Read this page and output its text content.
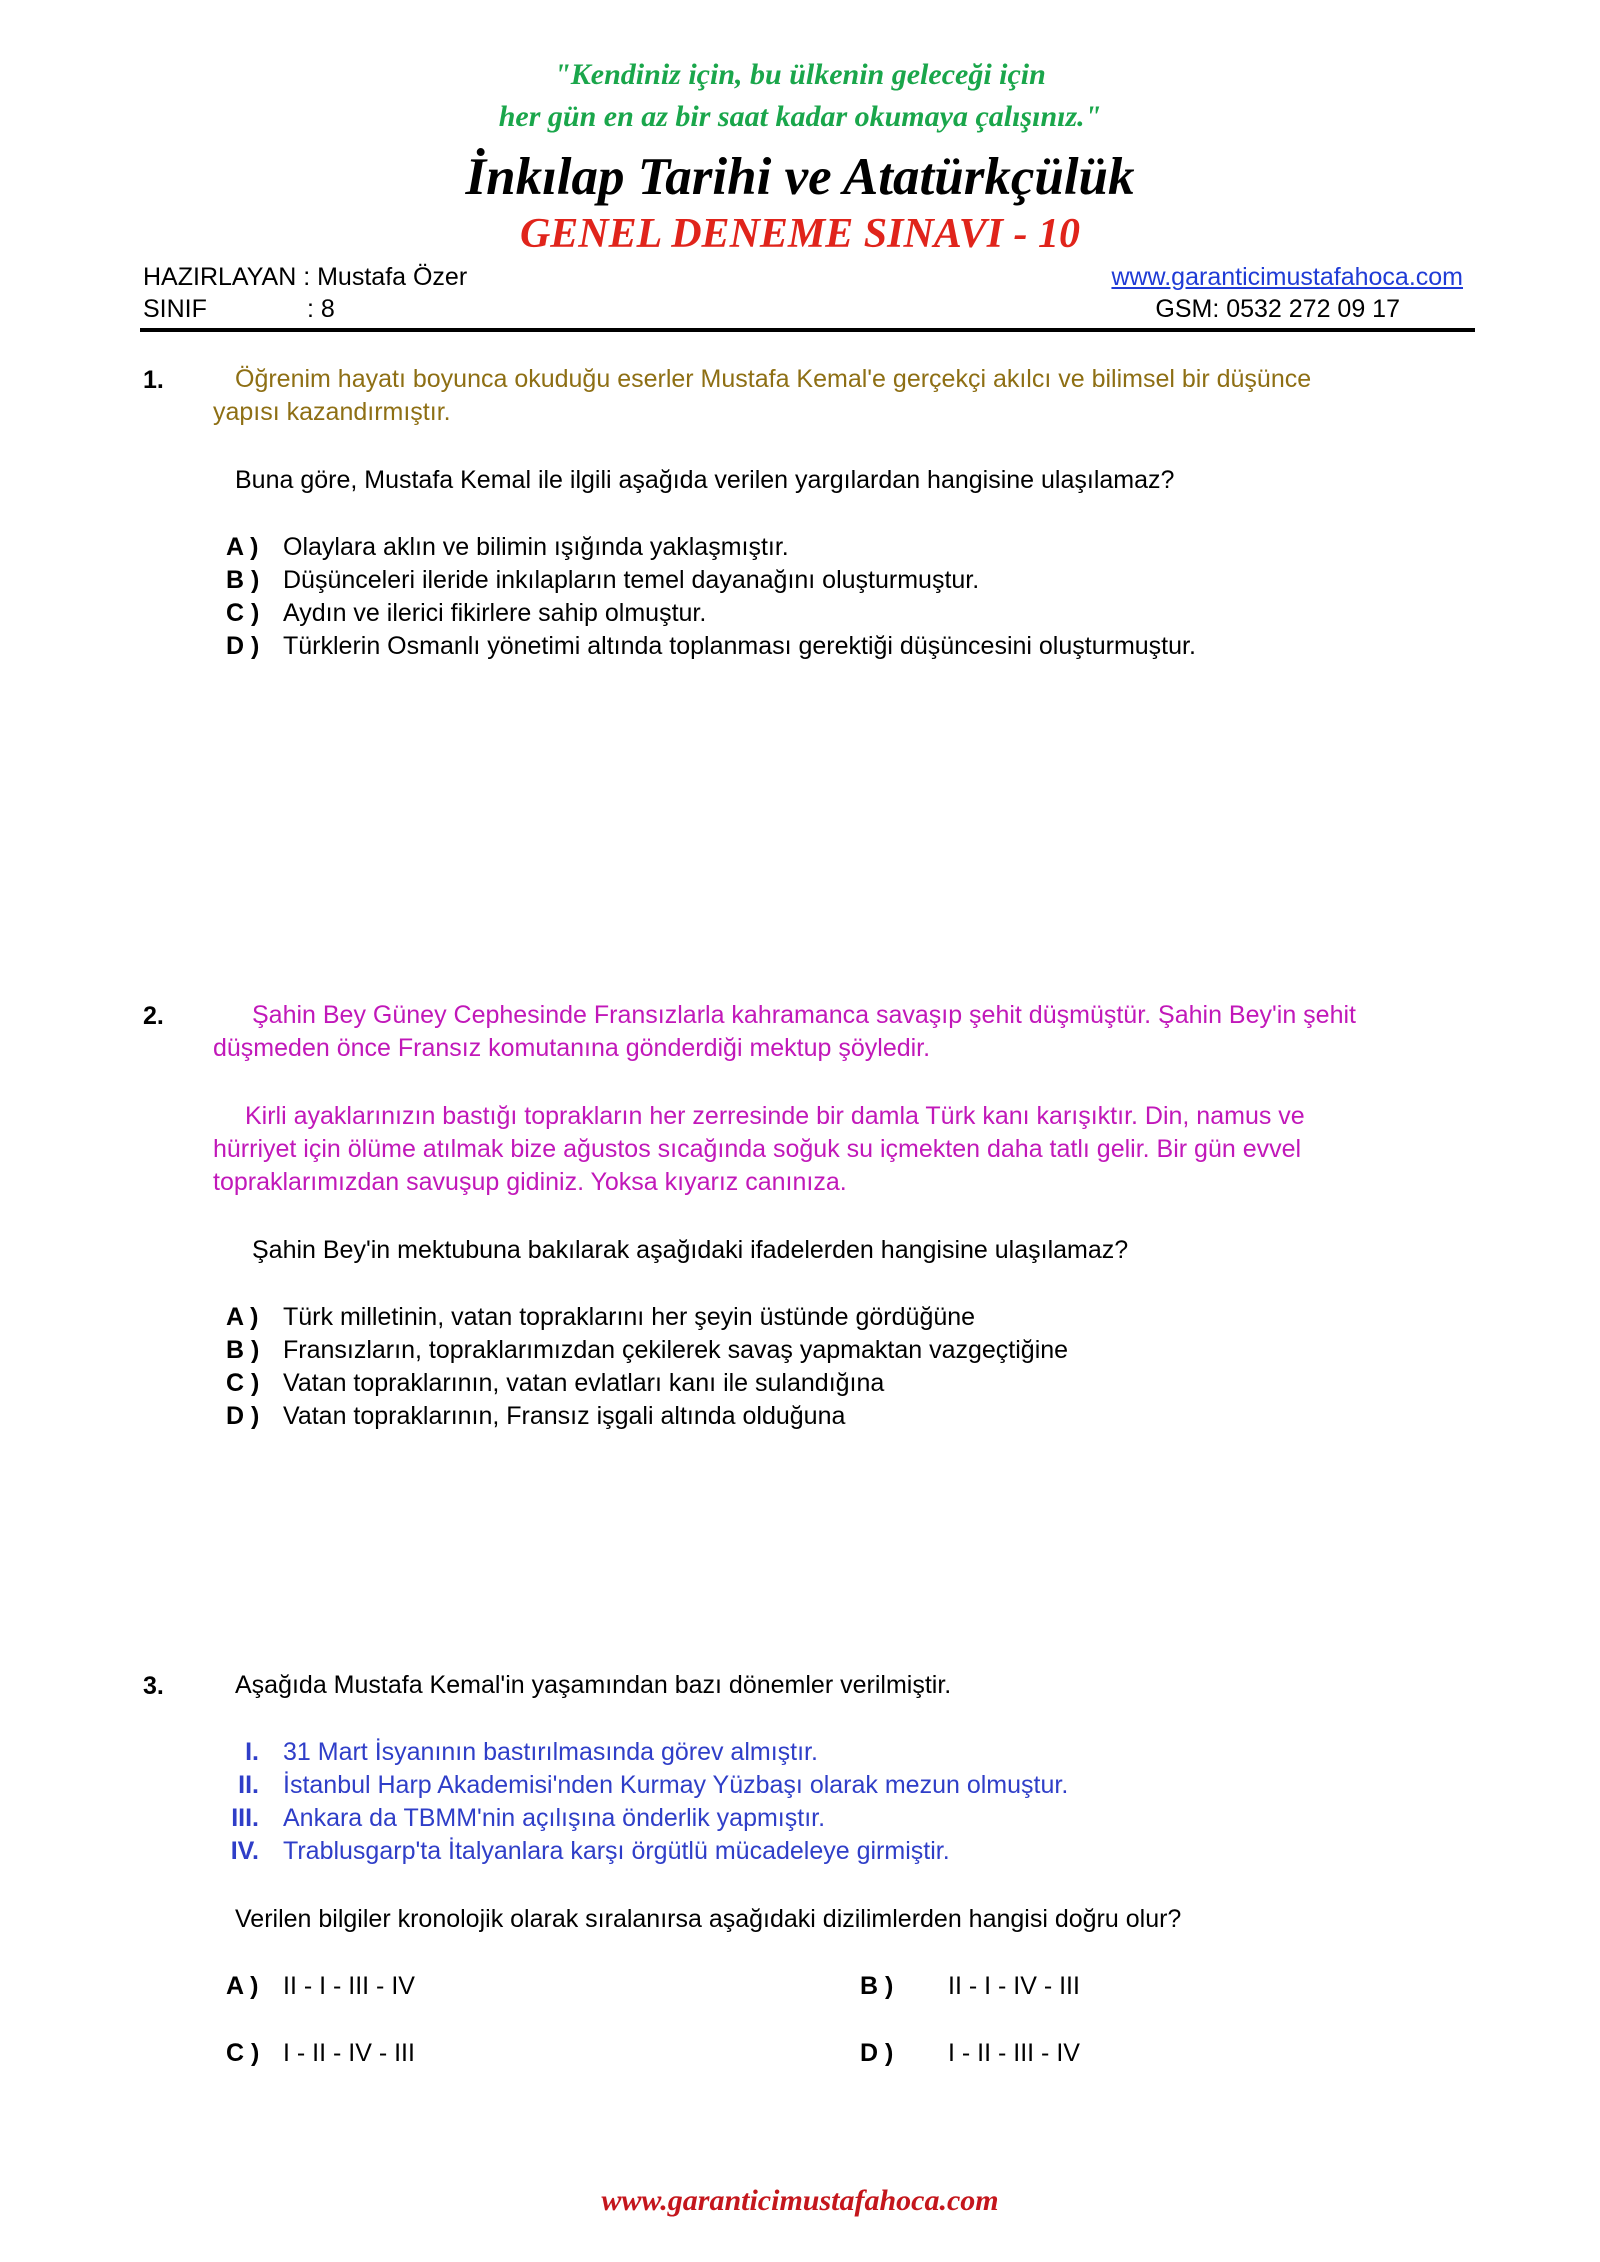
"Kendiniz için, bu ülkenin geleceği için
her gün en az bir saat kadar okumaya çalışınız."
İnkılap Tarihi ve Atatürkçülük
GENEL DENEME SINAVI - 10
HAZIRLAYAN : Mustafa Özer	www.garanticimustafahoca.com
SINIF	: 8	GSM: 0532 272 09 17
1.	Öğrenim hayatı boyunca okuduğu eserler Mustafa Kemal'e gerçekçi akılcı ve bilimsel bir düşünce
yapısı kazandırmıştır.
Buna göre, Mustafa Kemal ile ilgili aşağıda verilen yargılardan hangisine ulaşılamaz?
A ) Olaylara aklın ve bilimin ışığında yaklaşmıştır.
B ) Düşünceleri ileride inkılapların temel dayanağını oluşturmuştur.
C ) Aydın ve ilerici fikirlere sahip olmuştur.
D ) Türklerin Osmanlı yönetimi altında toplanması gerektiği düşüncesini oluşturmuştur.
2.	Şahin Bey Güney Cephesinde Fransızlarla kahramanca savaşıp şehit düşmüştür. Şahin Bey'in şehit
düşmeden önce Fransız komutanına gönderdiği mektup şöyledir.
Kirli ayaklarınızın bastığı toprakların her zerresinde bir damla Türk kanı karışıktır. Din, namus ve
hürriyet için ölüme atılmak bize ağustos sıcağında soğuk su içmekten daha tatlı gelir. Bir gün evvel
topraklarımızdan savuşup gidiniz. Yoksa kıyarız canınıza.
Şahin Bey'in mektubuna bakılarak aşağıdaki ifadelerden hangisine ulaşılamaz?
A ) Türk milletinin, vatan topraklarını her şeyin üstünde gördüğüne
B ) Fransızların, topraklarımızdan çekilerek savaş yapmaktan vazgeçtiğine
C ) Vatan topraklarının, vatan evlatları kanı ile sulandığına
D ) Vatan topraklarının, Fransız işgali altında olduğuna
3.	Aşağıda Mustafa Kemal'in yaşamından bazı dönemler verilmiştir.
I. 31 Mart İsyanının bastırılmasında görev almıştır.
II. İstanbul Harp Akademisi'nden Kurmay Yüzbaşı olarak mezun olmuştur.
III. Ankara da TBMM'nin açılışına önderlik yapmıştır.
IV. Trablusgarp'ta İtalyanlara karşı örgütlü mücadeleye girmiştir.
Verilen bilgiler kronolojik olarak sıralanırsa aşağıdaki dizilimlerden hangisi doğru olur?
A ) II - I - III - IV	B ) II - I - IV - III
C ) I - II - IV - III	D ) I - II - III - IV
www.garanticimustafahoca.com
